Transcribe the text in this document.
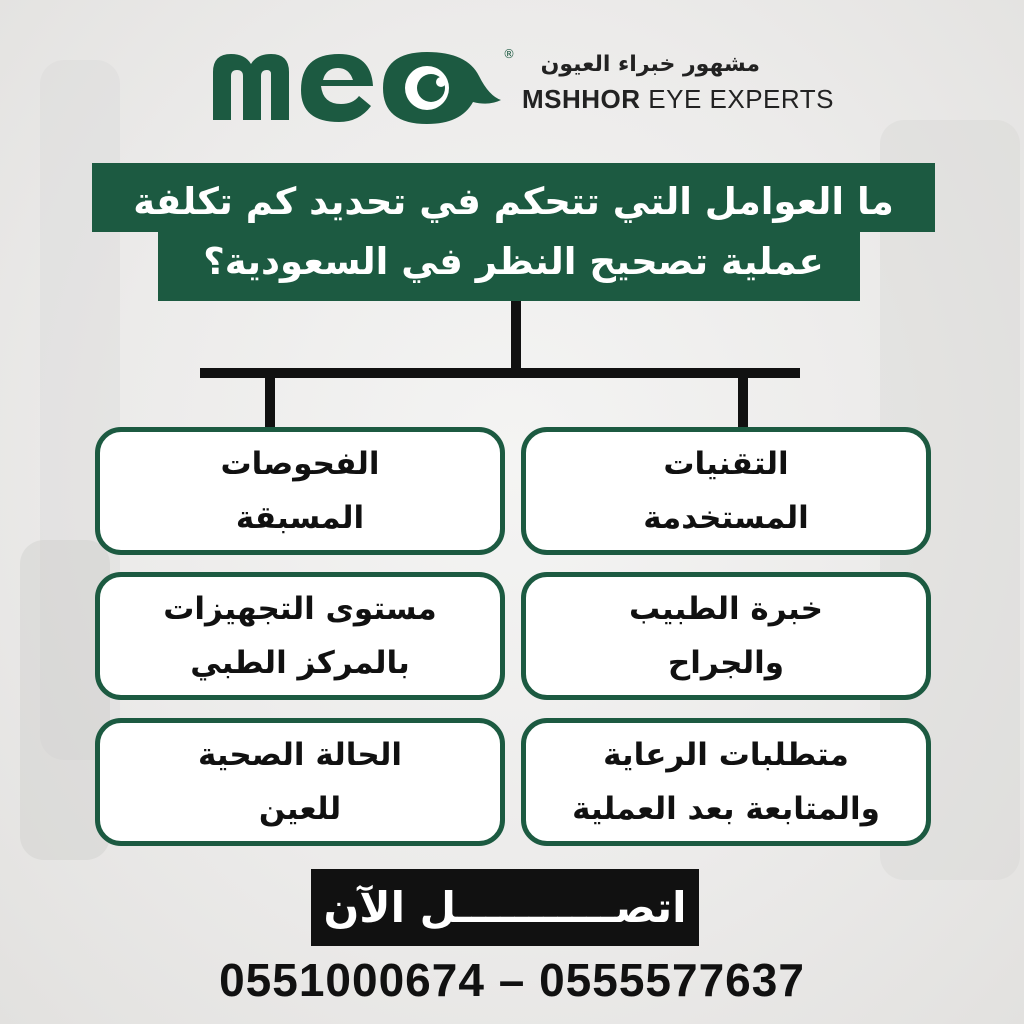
®	مشهور خبراء العيون
MSHHOR EYE EXPERTS
ما العوامل التي تتحكم في تحديد كم تكلفة عملية تصحيح النظر في السعودية؟
التقنيات
المستخدمة
الفحوصات
المسبقة
خبرة الطبيب
والجراح
مستوى التجهيزات
بالمركز الطبي
متطلبات الرعاية
والمتابعة بعد العملية
الحالة الصحية
للعين
اتصـــــــــــل الآن
0551000674 – 0555577637
